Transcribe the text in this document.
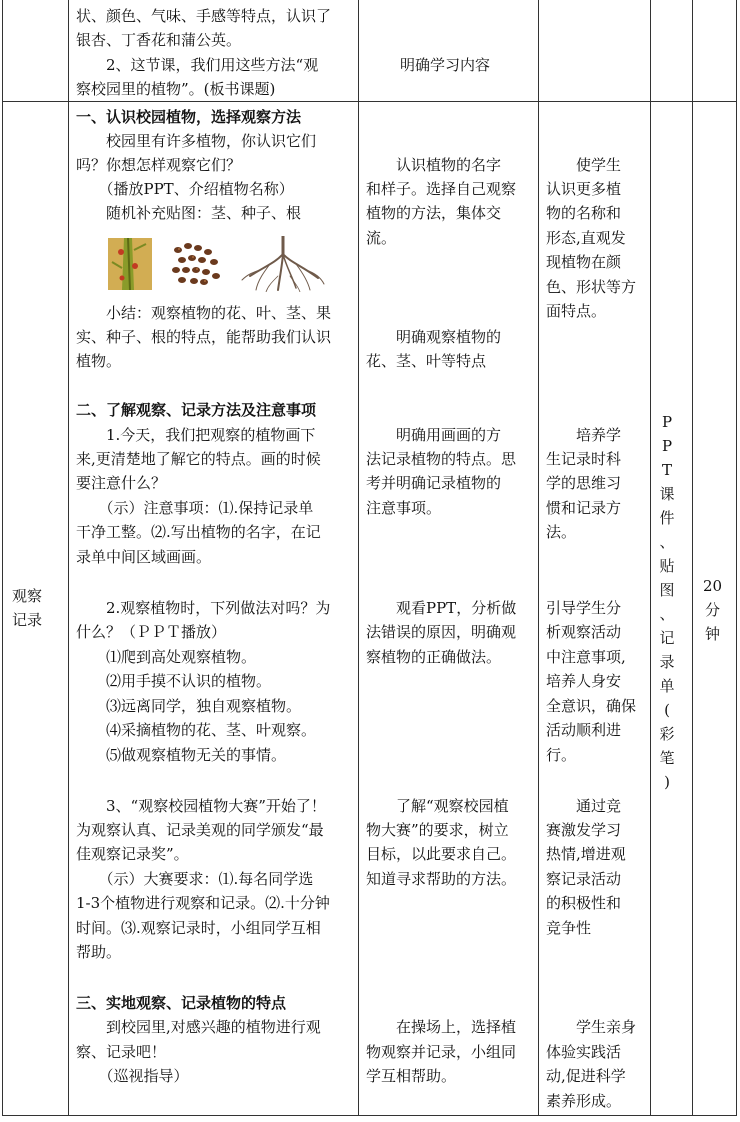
状、颜色、气味、手感等特点，认识了
银杏、丁香花和蒲公英。
　　2、这节课，我们用这些方法“观
察校园里的植物”。(板书课题)
明确学习内容
观察
记录
20
分
钟
P
P
T
课
件
、
贴
图
、
记
录
单
(
彩
笔
)
一、认识校园植物，选择观察方法
　　校园里有许多植物，你认识它们
吗？你想怎样观察它们？
　　（播放PPT、介绍植物名称）
　　随机补充贴图：茎、种子、根
　　小结：观察植物的花、叶、茎、果
实、种子、根的特点，能帮助我们认识
植物。
　　认识植物的名字
和样子。选择自己观察
植物的方法，集体交
流。
　　明确观察植物的
花、茎、叶等特点
　　使学生
认识更多植
物的名称和
形态,直观发
现植物在颜
色、形状等方
面特点。
二、了解观察、记录方法及注意事项
　　1.今天，我们把观察的植物画下
来,更清楚地了解它的特点。画的时候
要注意什么？
　　（示）注意事项：⑴.保持记录单
干净工整。⑵.写出植物的名字，在记
录单中间区域画画。
　　明确用画画的方
法记录植物的特点。思
考并明确记录植物的
注意事项。
　　培养学
生记录时科
学的思维习
惯和记录方
法。
　　2.观察植物时，下列做法对吗？为
什么？（ＰＰＴ播放）
　　⑴爬到高处观察植物。
　　⑵用手摸不认识的植物。
　　⑶远离同学，独自观察植物。
　　⑷采摘植物的花、茎、叶观察。
　　⑸做观察植物无关的事情。
　　观看PPT，分析做
法错误的原因，明确观
察植物的正确做法。
引导学生分
析观察活动
中注意事项,
培养人身安
全意识，确保
活动顺利进
行。
　　3、“观察校园植物大赛”开始了！
为观察认真、记录美观的同学颁发“最
佳观察记录奖”。
　　（示）大赛要求：⑴.每名同学选
1-3个植物进行观察和记录。⑵.十分钟
时间。⑶.观察记录时，小组同学互相
帮助。
　　了解“观察校园植
物大赛”的要求，树立
目标，以此要求自己。
知道寻求帮助的方法。
　　通过竞
赛激发学习
热情,增进观
察记录活动
的积极性和
竞争性
三、实地观察、记录植物的特点
　　到校园里,对感兴趣的植物进行观
察、记录吧！
　　（巡视指导）
　　在操场上，选择植
物观察并记录，小组同
学互相帮助。
　　学生亲身
体验实践活
动,促进科学
素养形成。
